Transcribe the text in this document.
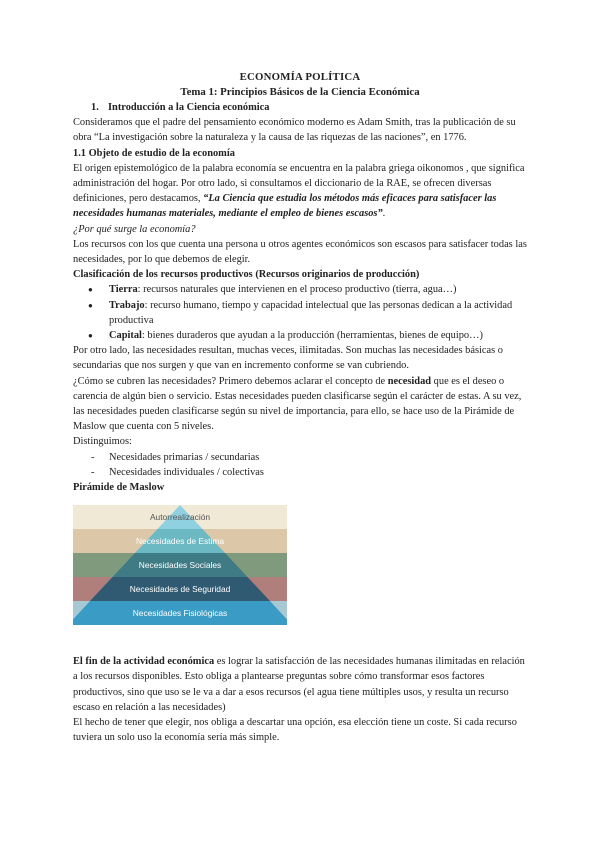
ECONOMÍA POLÍTICA
Tema 1: Principios Básicos de la Ciencia Económica

1. Introducción a la Ciencia económica

Consideramos que el padre del pensamiento económico moderno es Adam Smith, tras la publicación de su obra “La investigación sobre la naturaleza y la causa de las riquezas de las naciones”, en 1776.

1.1 Objeto de estudio de la economía

El origen epistemológico de la palabra economía se encuentra en la palabra griega oikonomos , que significa administración del hogar. Por otro lado, si consultamos el diccionario de la RAE, se ofrecen diversas definiciones, pero destacamos, “La Ciencia que estudia los métodos más eficaces para satisfacer las necesidades humanas materiales, mediante el empleo de bienes escasos”.

¿Por qué surge la economía?

Los recursos con los que cuenta una persona u otros agentes económicos son escasos para satisfacer todas las necesidades, por lo que debemos de elegir.

Clasificación de los recursos productivos (Recursos originarios de producción)

● Tierra: recursos naturales que intervienen en el proceso productivo (tierra, agua…)
● Trabajo: recurso humano, tiempo y capacidad intelectual que las personas dedican a la actividad productiva
● Capital: bienes duraderos que ayudan a la producción (herramientas, bienes de equipo…)

Por otro lado, las necesidades resultan, muchas veces, ilimitadas. Son muchas las necesidades básicas o secundarias que nos surgen y que van en incremento conforme se van cubriendo.

¿Cómo se cubren las necesidades? Primero debemos aclarar el concepto de necesidad que es el deseo o carencia de algún bien o servicio. Estas necesidades pueden clasificarse según el carácter de estas. A su vez, las necesidades pueden clasificarse según su nivel de importancia, para ello, se hace uso de la Pirámide de Maslow que cuenta con 5 niveles.

Distinguimos:

- Necesidades primarias / secundarias
- Necesidades individuales / colectivas

Pirámide de Maslow

Autorrealización
Necesidades de Estima
Necesidades Sociales
Necesidades de Seguridad
Necesidades Fisiológicas

El fin de la actividad económica es lograr la satisfacción de las necesidades humanas ilimitadas en relación a los recursos disponibles. Esto obliga a plantearse preguntas sobre cómo transformar esos factores productivos, sino que uso se le va a dar a esos recursos (el agua tiene múltiples usos, y resulta un recurso escaso en relación a las necesidades)

El hecho de tener que elegir, nos obliga a descartar una opción, esa elección tiene un coste. Si cada recurso tuviera un solo uso la economía sería más simple.
